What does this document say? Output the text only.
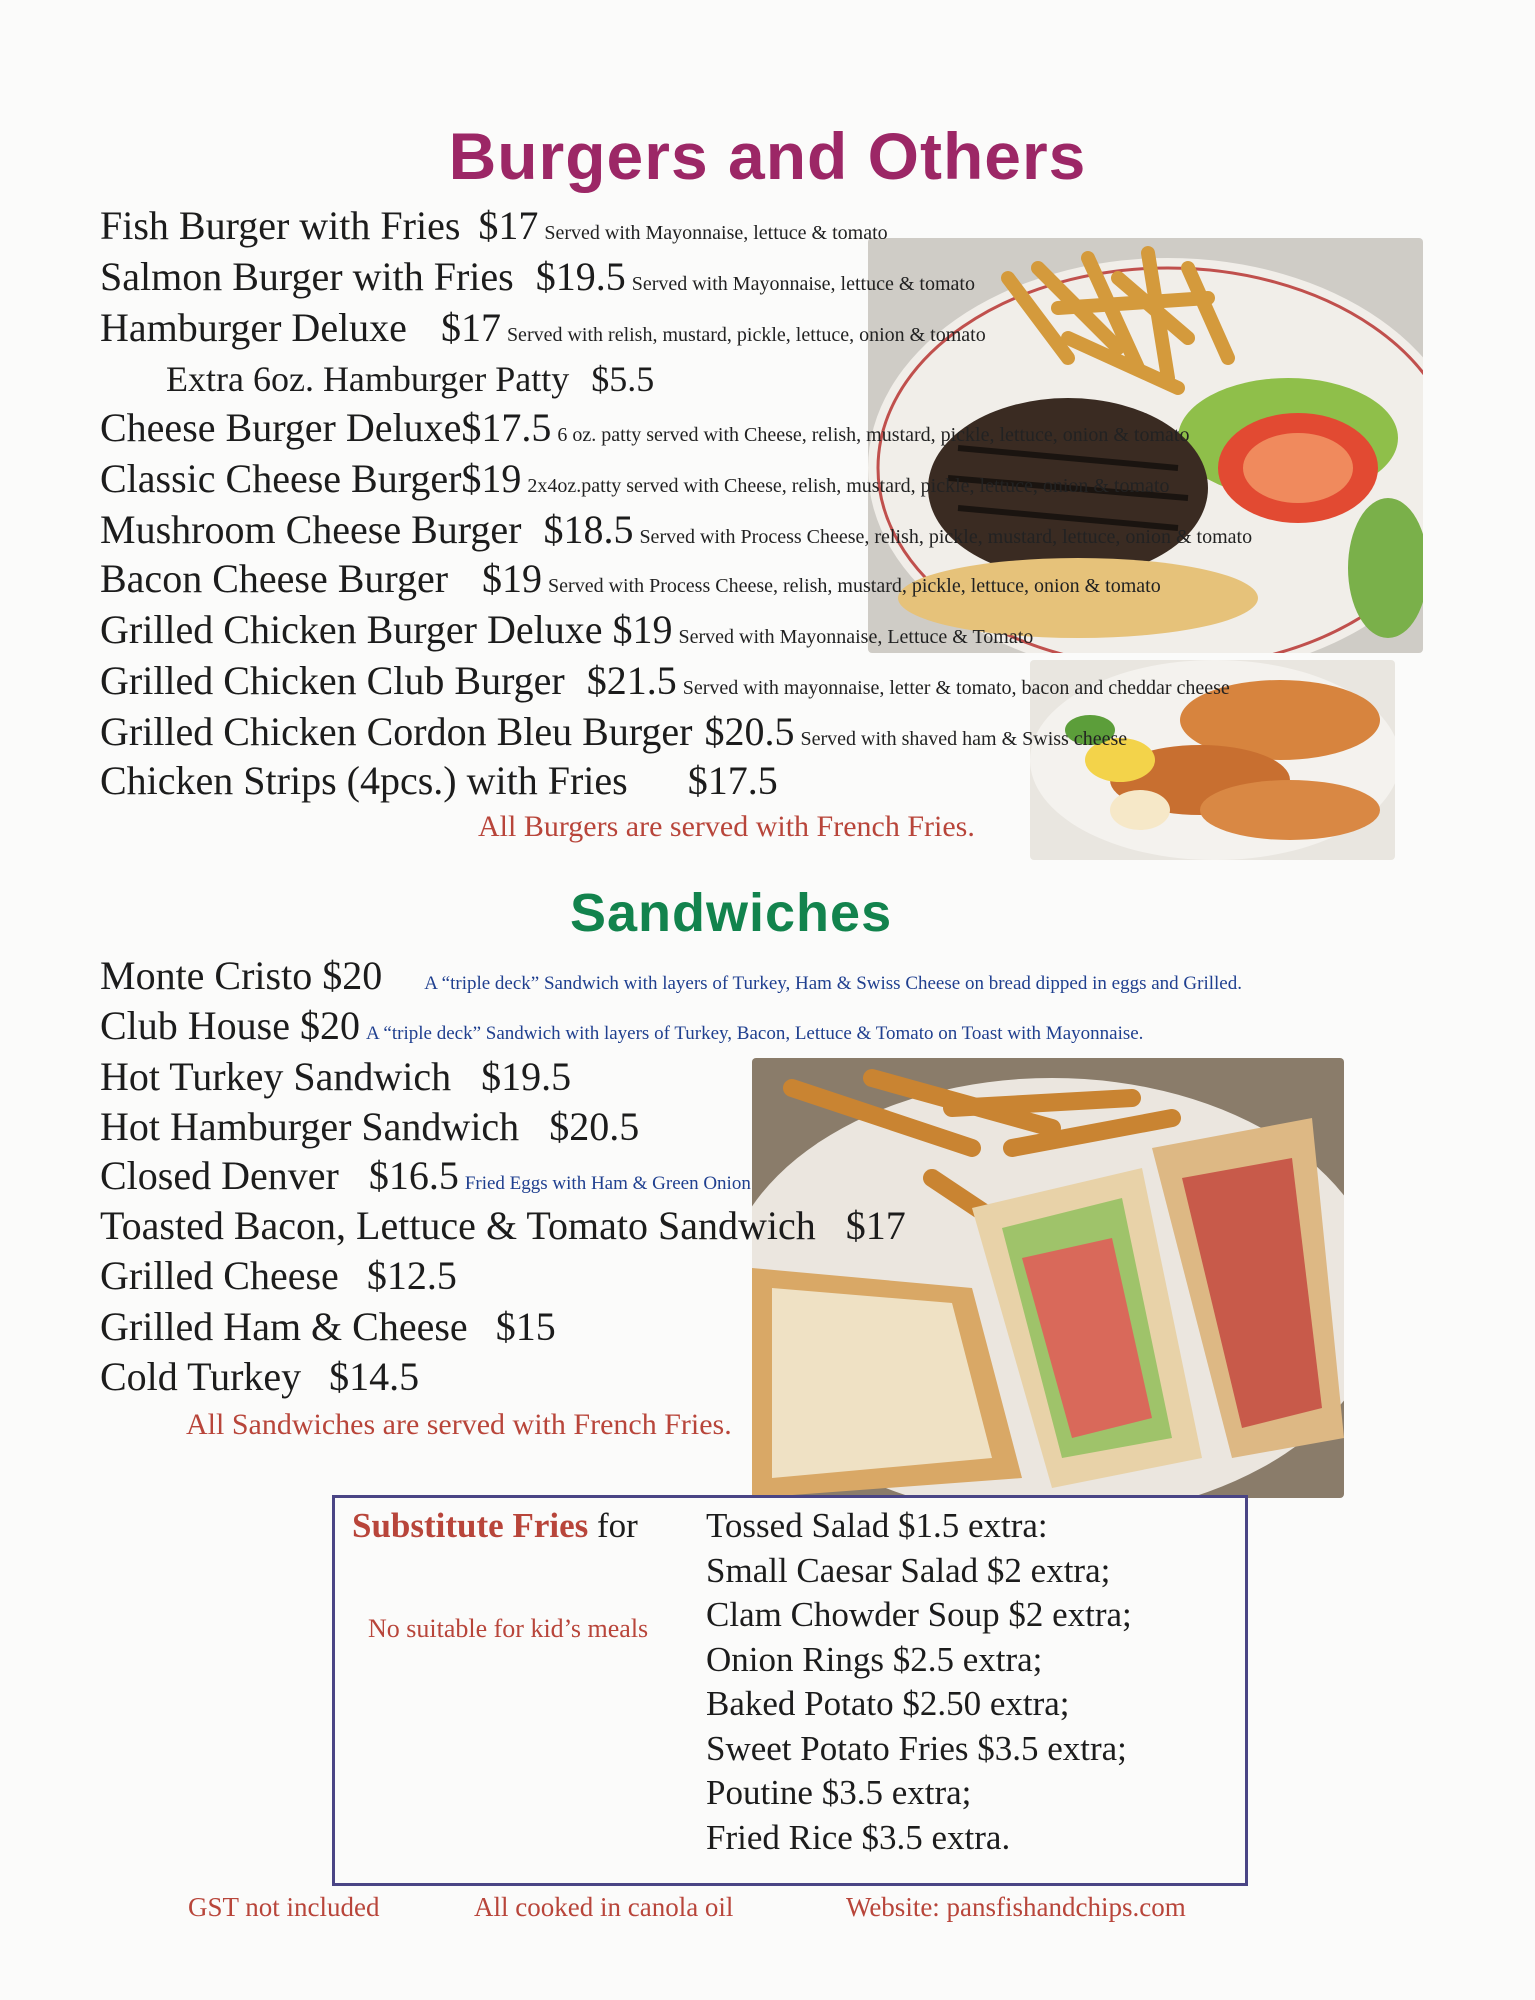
Burgers and Others
Fish Burger with Fries $17 Served with Mayonnaise, lettuce & tomato
Salmon Burger with Fries $19.5 Served with Mayonnaise, lettuce & tomato
Hamburger Deluxe $17 Served with relish, mustard, pickle, lettuce, onion & tomato
Extra 6oz. Hamburger Patty $5.5
Cheese Burger Deluxe$17.5 6 oz. patty served with Cheese, relish, mustard, pickle, lettuce, onion & tomato
Classic Cheese Burger$19 2x4oz.patty served with Cheese, relish, mustard, pickle, lettuce, onion & tomato
Mushroom Cheese Burger $18.5 Served with Process Cheese, relish, pickle, mustard, lettuce, onion & tomato
Bacon Cheese Burger $19 Served with Process Cheese, relish, mustard, pickle, lettuce, onion & tomato
Grilled Chicken Burger Deluxe $19 Served with Mayonnaise, Lettuce & Tomato
Grilled Chicken Club Burger $21.5 Served with mayonnaise, letter & tomato, bacon and cheddar cheese
Grilled Chicken Cordon Bleu Burger $20.5 Served with shaved ham & Swiss cheese
Chicken Strips (4pcs.) with Fries $17.5
All Burgers are served with French Fries.
Sandwiches
Monte Cristo $20 A “triple deck” Sandwich with layers of Turkey, Ham & Swiss Cheese on bread dipped in eggs and Grilled.
Club House $20 A “triple deck” Sandwich with layers of Turkey, Bacon, Lettuce & Tomato on Toast with Mayonnaise.
Hot Turkey Sandwich $19.5
Hot Hamburger Sandwich $20.5
Closed Denver $16.5 Fried Eggs with Ham & Green Onion
Toasted Bacon, Lettuce & Tomato Sandwich $17
Grilled Cheese $12.5
Grilled Ham & Cheese $15
Cold Turkey $14.5
All Sandwiches are served with French Fries.
Substitute Fries for
No suitable for kid’s meals
Tossed Salad $1.5 extra:
Small Caesar Salad $2 extra;
Clam Chowder Soup $2 extra;
Onion Rings $2.5 extra;
Baked Potato $2.50 extra;
Sweet Potato Fries $3.5 extra;
Poutine $3.5 extra;
Fried Rice $3.5 extra.
GST not included	All cooked in canola oil	Website: pansfishandchips.com
